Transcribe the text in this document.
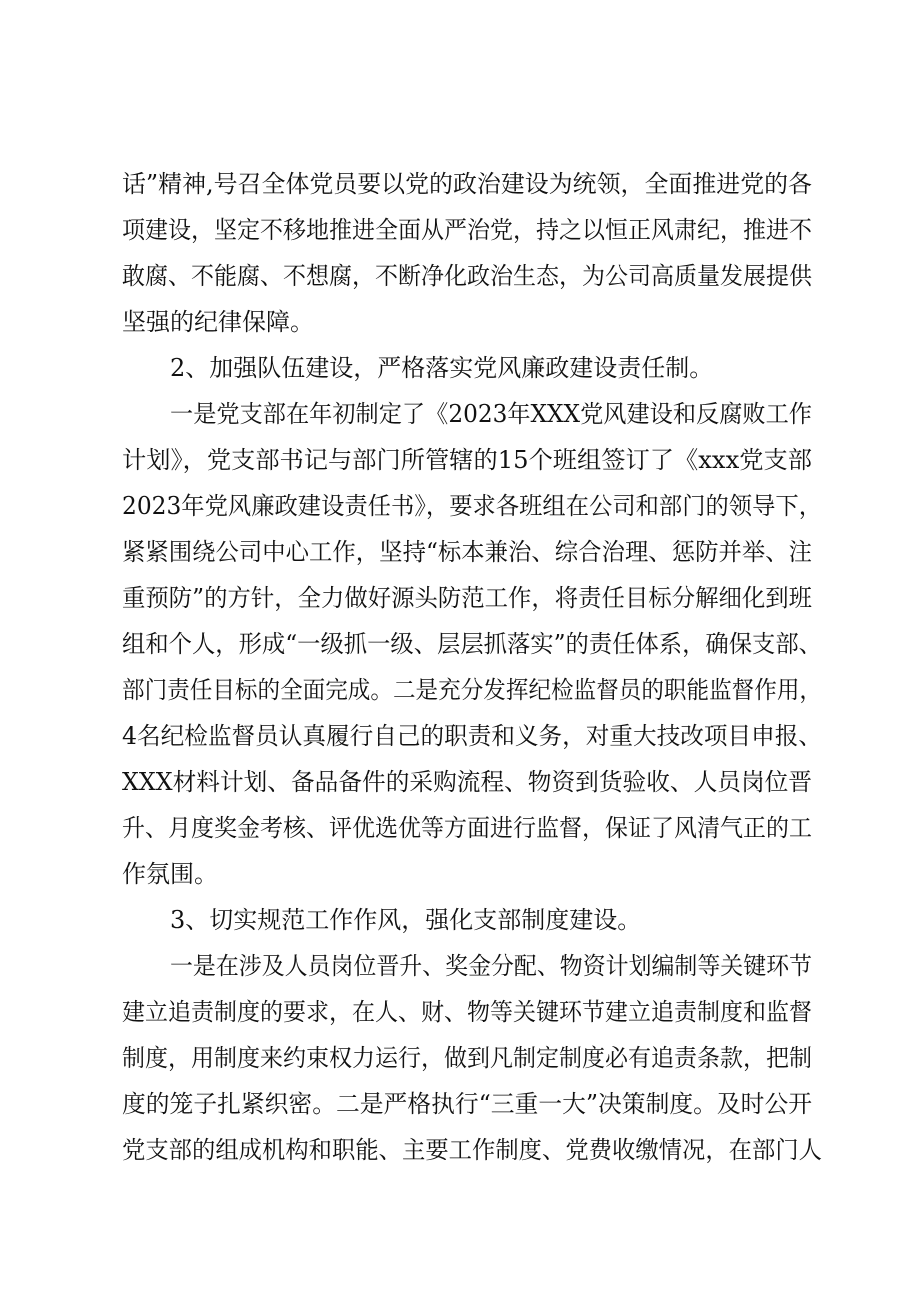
话”精神,号召全体党员要以党的政治建设为统领，全面推进党的各
项建设，坚定不移地推进全面从严治党，持之以恒正风肃纪，推进不
敢腐、不能腐、不想腐，不断净化政治生态，为公司高质量发展提供
坚强的纪律保障。
2、加强队伍建设，严格落实党风廉政建设责任制。
一是党支部在年初制定了《2023年XXX党风建设和反腐败工作
计划》，党支部书记与部门所管辖的15个班组签订了《xxx党支部
2023年党风廉政建设责任书》，要求各班组在公司和部门的领导下，
紧紧围绕公司中心工作，坚持“标本兼治、综合治理、惩防并举、注
重预防”的方针，全力做好源头防范工作，将责任目标分解细化到班
组和个人，形成“一级抓一级、层层抓落实”的责任体系，确保支部、
部门责任目标的全面完成。二是充分发挥纪检监督员的职能监督作用，
4名纪检监督员认真履行自己的职责和义务，对重大技改项目申报、
XXX材料计划、备品备件的采购流程、物资到货验收、人员岗位晋
升、月度奖金考核、评优选优等方面进行监督，保证了风清气正的工
作氛围。
3、切实规范工作作风，强化支部制度建设。
一是在涉及人员岗位晋升、奖金分配、物资计划编制等关键环节
建立追责制度的要求，在人、财、物等关键环节建立追责制度和监督
制度，用制度来约束权力运行，做到凡制定制度必有追责条款，把制
度的笼子扎紧织密。二是严格执行“三重一大”决策制度。及时公开
党支部的组成机构和职能、主要工作制度、党费收缴情况，在部门人
